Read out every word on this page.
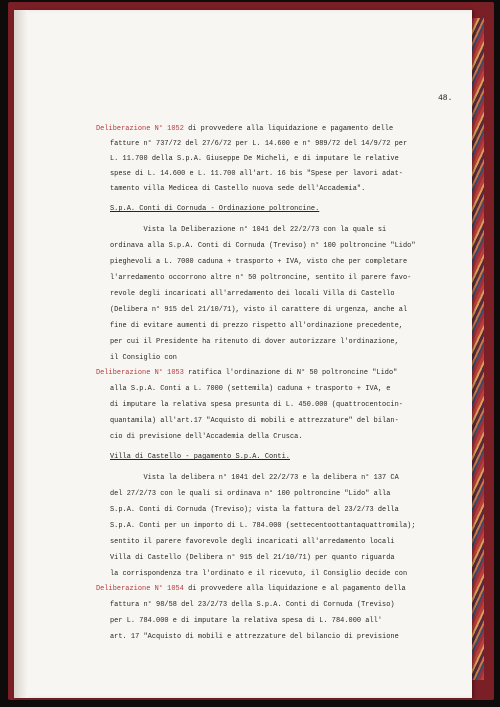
48.
Deliberazione N° 1052 di provvedere alla liquidazione e pagamento delle
fatture n° 737/72 del 27/6/72 per L. 14.600 e n° 989/72 del 14/9/72 per
L. 11.700 della S.p.A. Giuseppe De Micheli, e di imputare le relative
spese di L. 14.600 e L. 11.700 all'art. 16 bis "Spese per lavori adat-
tamento villa Medicea di Castello nuova sede dell'Accademia".
S.p.A. Conti di Cornuda - Ordinazione poltroncine.
Vista la Deliberazione n° 1041 del 22/2/73 con la quale si
ordinava alla S.p.A. Conti di Cornuda (Treviso) n° 100 poltroncine "Lido"
pieghevoli a L. 7000 caduna + trasporto + IVA, visto che per completare
l'arredamento occorrono altre n° 50 poltroncine, sentito il parere favo-
revole degli incaricati all'arredamento dei locali Villa di Castello
(Delibera n° 915 del 21/10/71), visto il carattere di urgenza, anche al
fine di evitare aumenti di prezzo rispetto all'ordinazione precedente,
per cui il Presidente ha ritenuto di dover autorizzare l'ordinazione,
il Consiglio con
Deliberazione N° 1053 ratifica l'ordinazione di N° 50 poltroncine "Lido"
alla S.p.A. Conti a L. 7000 (settemila) caduna + trasporto + IVA, e
di imputare la relativa spesa presunta di L. 450.000 (quattrocentocin-
quantamila) all'art.17 "Acquisto di mobili e attrezzature" del bilan-
cio di previsione dell'Accademia della Crusca.
Villa di Castello - pagamento S.p.A. Conti.
Vista la delibera n° 1041 del 22/2/73 e la delibera n° 137 CA
del 27/2/73 con le quali si ordinava n° 100 poltroncine "Lido" alla
S.p.A. Conti di Cornuda (Treviso); vista la fattura del 23/2/73 della
S.p.A. Conti per un importo di L. 784.000 (settecentoottantaquattromila);
sentito il parere favorevole degli incaricati all'arredamento locali
Villa di Castello (Delibera n° 915 del 21/10/71) per quanto riguarda
la corrispondenza tra l'ordinato e il ricevuto, il Consiglio decide con
Deliberazione N° 1054 di provvedere alla liquidazione e al pagamento della
fattura n° 98/58 del 23/2/73 della S.p.A. Conti di Cornuda (Treviso)
per L. 784.000 e di imputare la relativa spesa di L. 784.000 all'
art. 17 "Acquisto di mobili e attrezzature del bilancio di previsione
